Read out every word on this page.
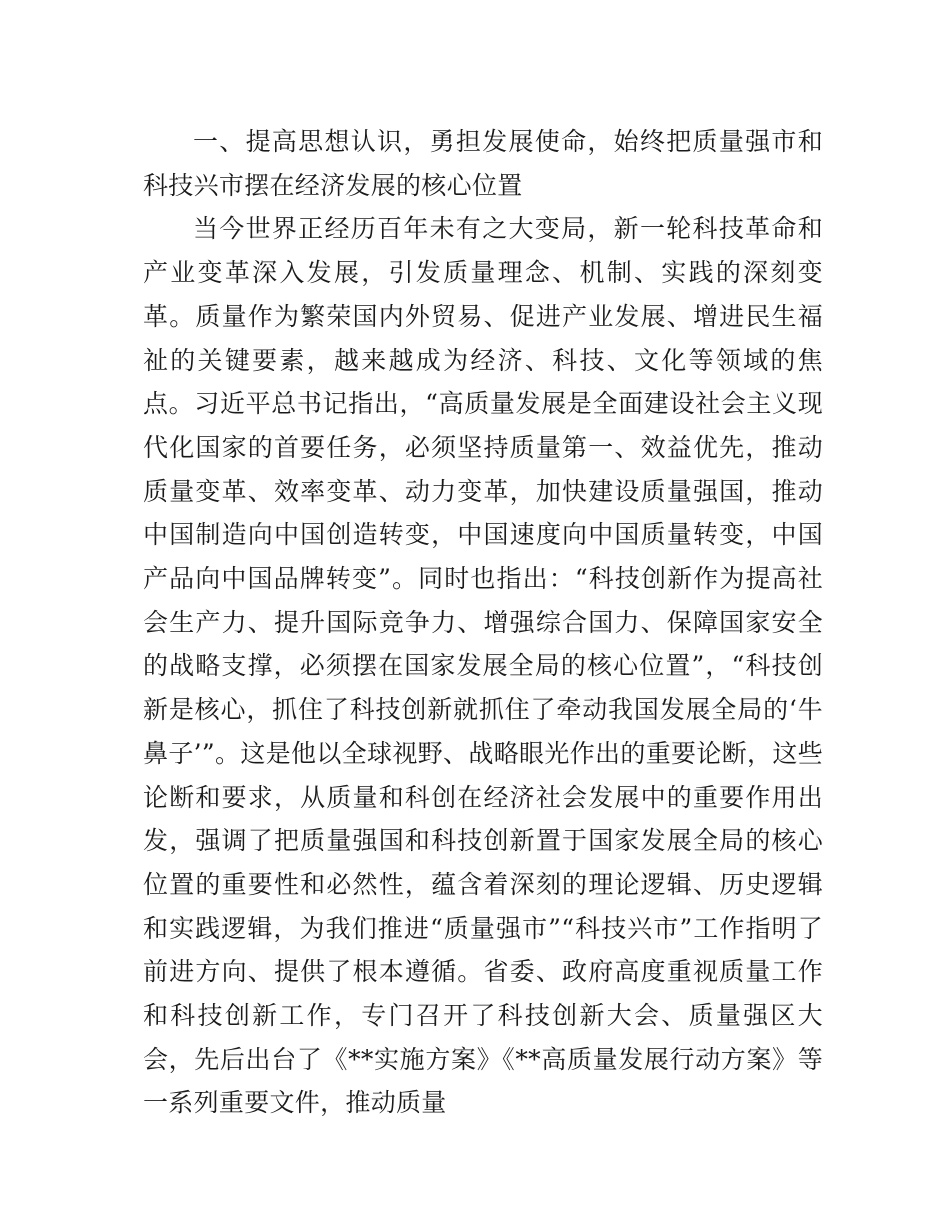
一、提高思想认识，勇担发展使命，始终把质量强市和科技兴市摆在经济发展的核心位置

当今世界正经历百年未有之大变局，新一轮科技革命和产业变革深入发展，引发质量理念、机制、实践的深刻变革。质量作为繁荣国内外贸易、促进产业发展、增进民生福祉的关键要素，越来越成为经济、科技、文化等领域的焦点。习近平总书记指出，“高质量发展是全面建设社会主义现代化国家的首要任务，必须坚持质量第一、效益优先，推动质量变革、效率变革、动力变革，加快建设质量强国，推动中国制造向中国创造转变，中国速度向中国质量转变，中国产品向中国品牌转变”。同时也指出：“科技创新作为提高社会生产力、提升国际竞争力、增强综合国力、保障国家安全的战略支撑，必须摆在国家发展全局的核心位置”，“科技创新是核心，抓住了科技创新就抓住了牵动我国发展全局的‘牛鼻子’”。这是他以全球视野、战略眼光作出的重要论断，这些论断和要求，从质量和科创在经济社会发展中的重要作用出发，强调了把质量强国和科技创新置于国家发展全局的核心位置的重要性和必然性，蕴含着深刻的理论逻辑、历史逻辑和实践逻辑，为我们推进“质量强市”“科技兴市”工作指明了前进方向、提供了根本遵循。省委、政府高度重视质量工作和科技创新工作，专门召开了科技创新大会、质量强区大会，先后出台了《**实施方案》《**高质量发展行动方案》等一系列重要文件，推动质量
